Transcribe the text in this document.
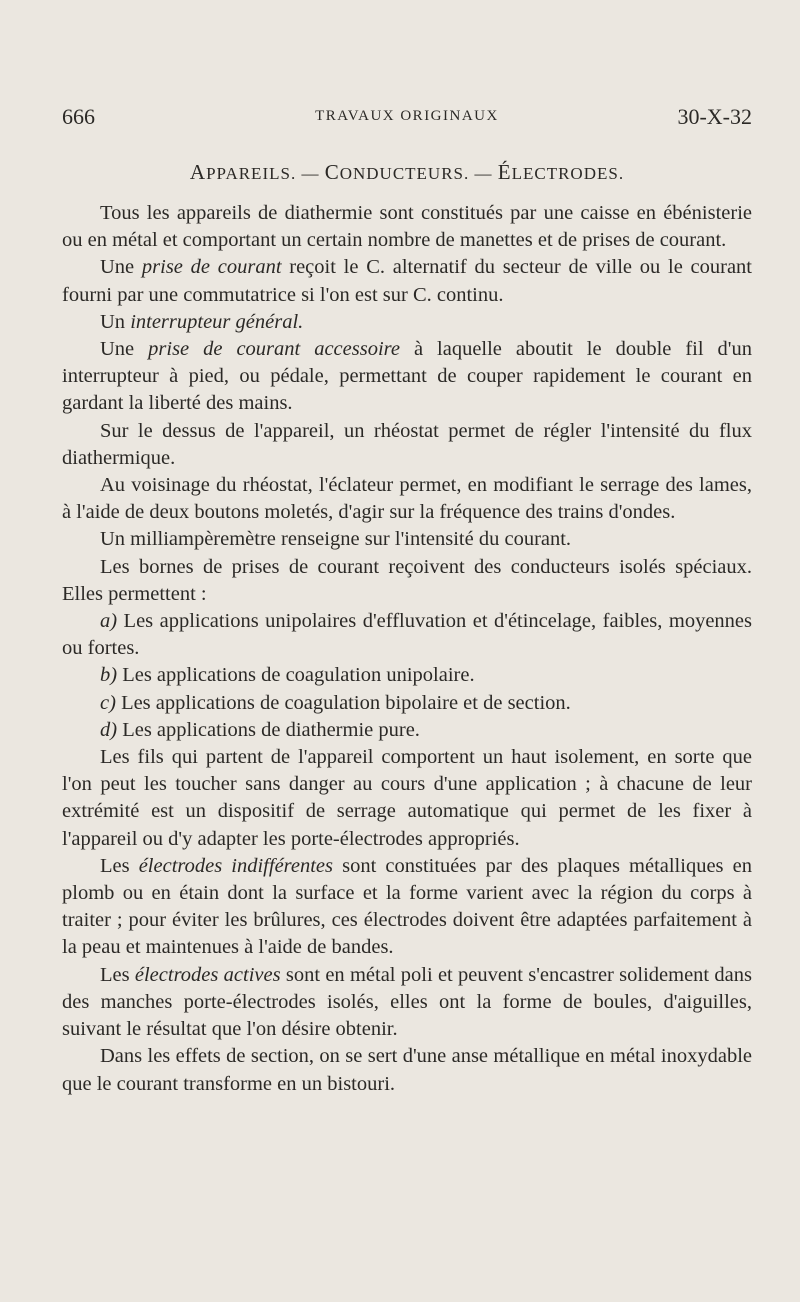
666	TRAVAUX ORIGINAUX	30-X-32
APPAREILS. — CONDUCTEURS. — ÉLECTRODES.

Tous les appareils de diathermie sont constitués par une caisse en ébénisterie ou en métal et comportant un certain nombre de manettes et de prises de courant.

Une prise de courant reçoit le C. alternatif du secteur de ville ou le courant fourni par une commutatrice si l'on est sur C. continu.

Un interrupteur général.

Une prise de courant accessoire à laquelle aboutit le double fil d'un interrupteur à pied, ou pédale, permettant de couper rapidement le courant en gardant la liberté des mains.

Sur le dessus de l'appareil, un rhéostat permet de régler l'intensité du flux diathermique.

Au voisinage du rhéostat, l'éclateur permet, en modifiant le serrage des lames, à l'aide de deux boutons moletés, d'agir sur la fréquence des trains d'ondes.

Un milliampèremètre renseigne sur l'intensité du courant.

Les bornes de prises de courant reçoivent des conducteurs isolés spéciaux. Elles permettent :

a) Les applications unipolaires d'effluvation et d'étincelage, faibles, moyennes ou fortes.

b) Les applications de coagulation unipolaire.

c) Les applications de coagulation bipolaire et de section.

d) Les applications de diathermie pure.

Les fils qui partent de l'appareil comportent un haut isolement, en sorte que l'on peut les toucher sans danger au cours d'une application ; à chacune de leur extrémité est un dispositif de serrage automatique qui permet de les fixer à l'appareil ou d'y adapter les porte-électrodes appropriés.

Les électrodes indifférentes sont constituées par des plaques métalliques en plomb ou en étain dont la surface et la forme varient avec la région du corps à traiter ; pour éviter les brûlures, ces électrodes doivent être adaptées parfaitement à la peau et maintenues à l'aide de bandes.

Les électrodes actives sont en métal poli et peuvent s'encastrer solidement dans des manches porte-électrodes isolés, elles ont la forme de boules, d'aiguilles, suivant le résultat que l'on désire obtenir.

Dans les effets de section, on se sert d'une anse métallique en métal inoxydable que le courant transforme en un bistouri.
